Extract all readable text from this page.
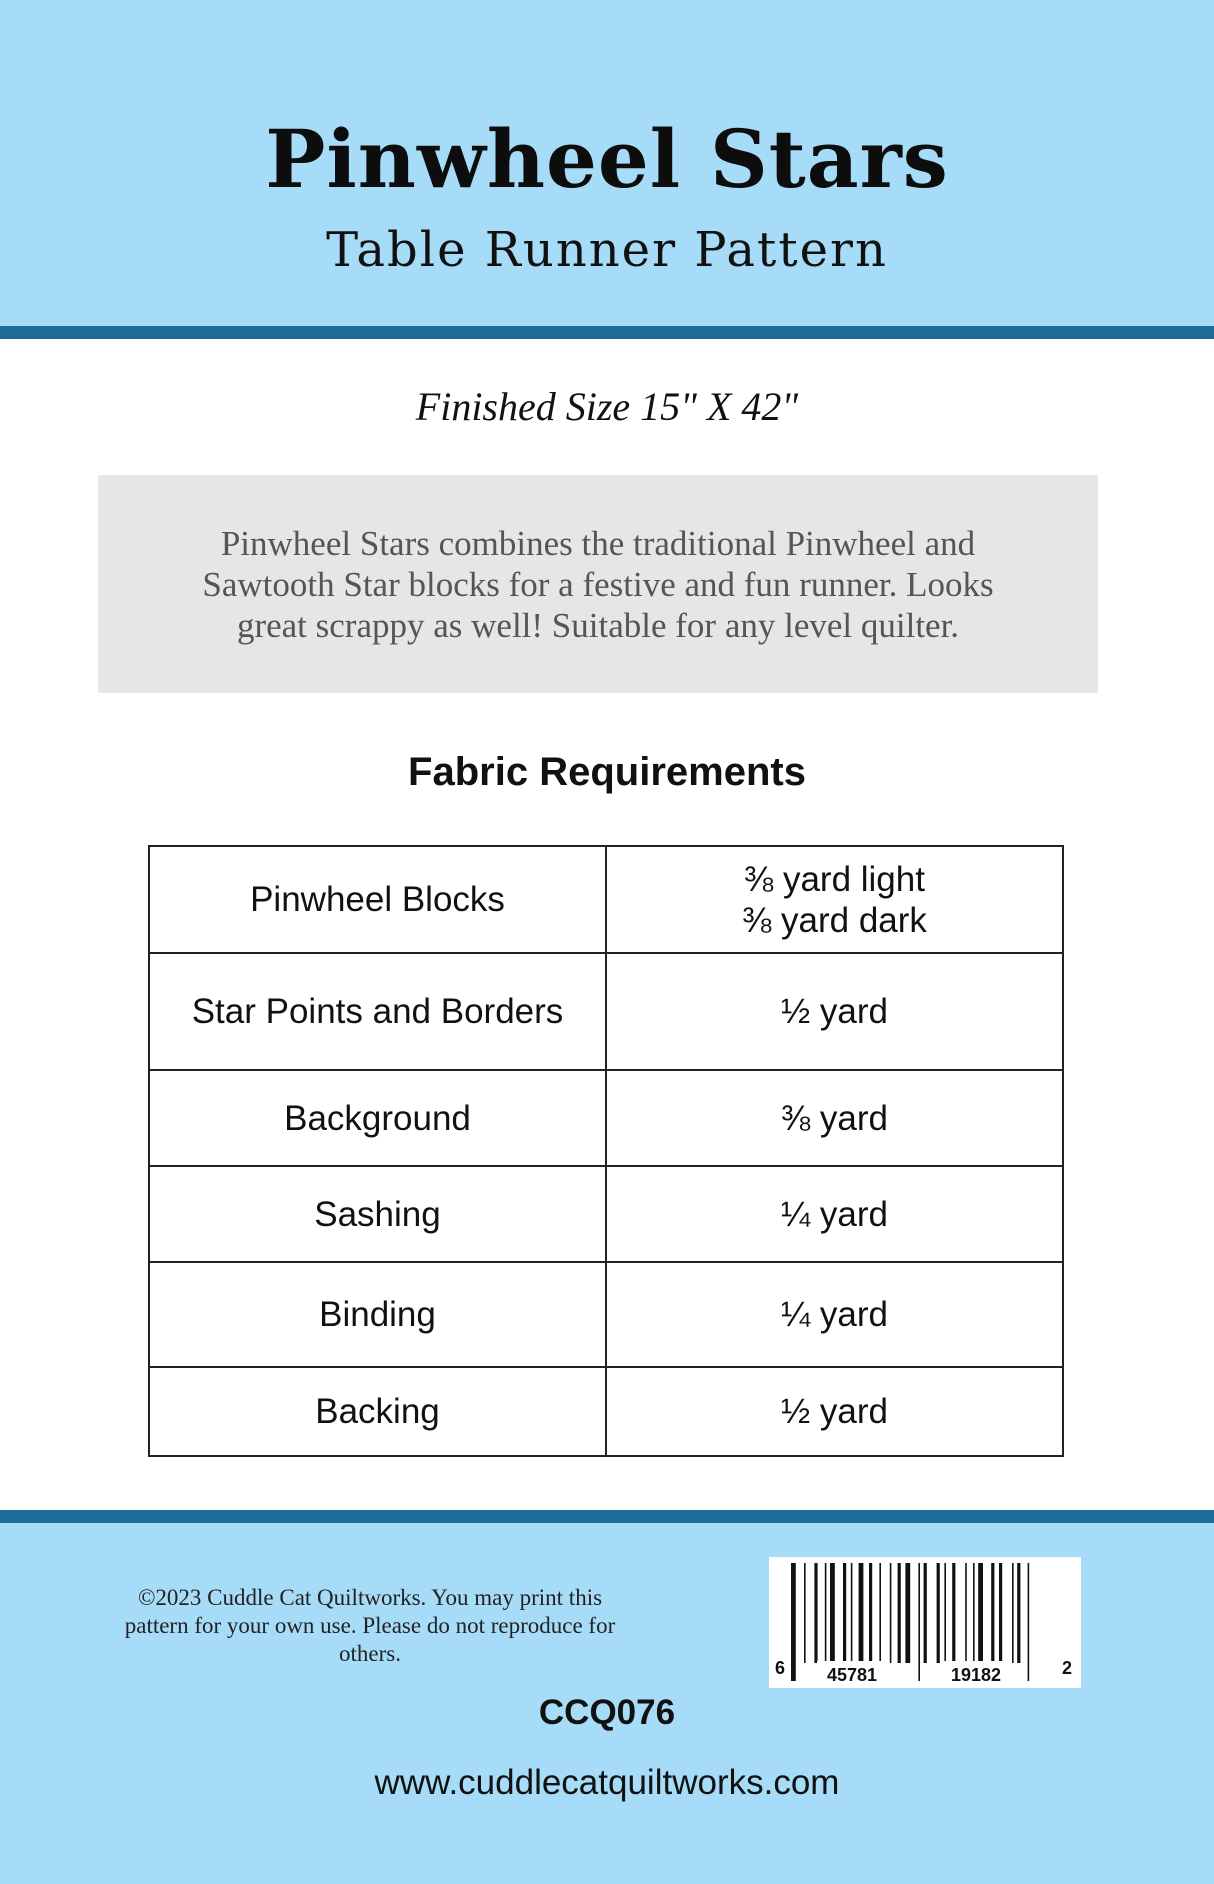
Pinwheel Stars
Table Runner Pattern
Finished Size 15" X 42"
Pinwheel Stars combines the traditional Pinwheel and Sawtooth Star blocks for a festive and fun runner. Looks great scrappy as well! Suitable for any level quilter.
Fabric Requirements
Pinwheel Blocks	⅜ yard light
⅜ yard dark

Star Points and Borders	½ yard
Background	⅜ yard
Sashing	¼ yard
Binding	¼ yard
Backing	½ yard
©2023 Cuddle Cat Quiltworks. You may print this
pattern for your own use. Please do not reproduce for others.
6 45781	19182	2
CCQ076
www.cuddlecatquiltworks.com
